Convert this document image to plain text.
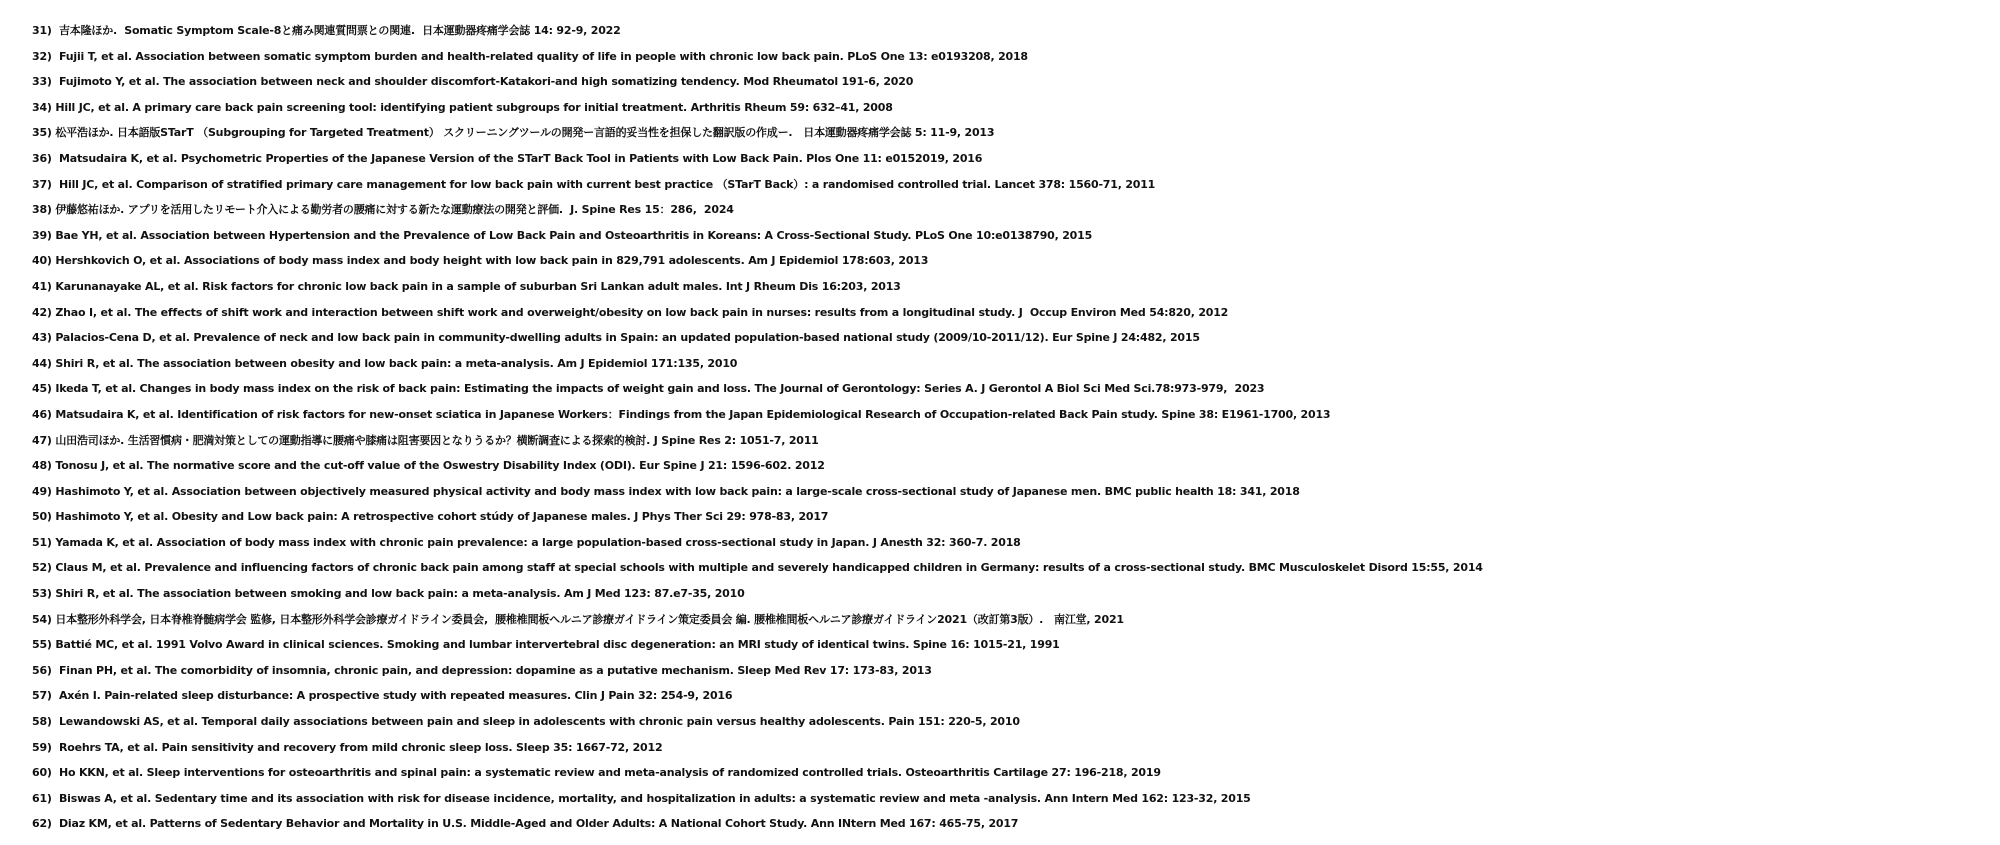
31)  吉本隆ほか.  Somatic Symptom Scale-8と痛み関連質問票との関連.  日本運動器疼痛学会誌 14: 92-9, 2022
32)  Fujii T, et al. Association between somatic symptom burden and health-related quality of life in people with chronic low back pain. PLoS One 13: e0193208, 2018
33)  Fujimoto Y, et al. The association between neck and shoulder discomfort-Katakori-and high somatizing tendency. Mod Rheumatol 191-6, 2020
34) Hill JC, et al. A primary care back pain screening tool: identifying patient subgroups for initial treatment. Arthritis Rheum 59: 632–41, 2008
35) 松平浩ほか. 日本語版STarT （Subgrouping for Targeted Treatment） スクリーニングツールの開発ー言語的妥当性を担保した翻訳版の作成ー.   日本運動器疼痛学会誌 5: 11-9, 2013
36)  Matsudaira K, et al. Psychometric Properties of the Japanese Version of the STarT Back Tool in Patients with Low Back Pain. Plos One 11: e0152019, 2016
37)  Hill JC, et al. Comparison of stratified primary care management for low back pain with current best practice （STarT Back）: a randomised controlled trial. Lancet 378: 1560-71, 2011
38) 伊藤悠祐ほか. アプリを活用したリモート介入による勤労者の腰痛に対する新たな運動療法の開発と評価.  J. Spine Res 15：286,  2024
39) Bae YH, et al. Association between Hypertension and the Prevalence of Low Back Pain and Osteoarthritis in Koreans: A Cross-Sectional Study. PLoS One 10:e0138790, 2015
40) Hershkovich O, et al. Associations of body mass index and body height with low back pain in 829,791 adolescents. Am J Epidemiol 178:603, 2013
41) Karunanayake AL, et al. Risk factors for chronic low back pain in a sample of suburban Sri Lankan adult males. Int J Rheum Dis 16:203, 2013
42) Zhao I, et al. The effects of shift work and interaction between shift work and overweight/obesity on low back pain in nurses: results from a longitudinal study. J  Occup Environ Med 54:820, 2012
43) Palacios-Cena D, et al. Prevalence of neck and low back pain in community-dwelling adults in Spain: an updated population-based national study (2009/10-2011/12). Eur Spine J 24:482, 2015
44) Shiri R, et al. The association between obesity and low back pain: a meta-analysis. Am J Epidemiol 171:135, 2010
45) Ikeda T, et al. Changes in body mass index on the risk of back pain: Estimating the impacts of weight gain and loss. The Journal of Gerontology: Series A. J Gerontol A Biol Sci Med Sci.78:973-979,  2023
46) Matsudaira K, et al. Identification of risk factors for new-onset sciatica in Japanese Workers：Findings from the Japan Epidemiological Research of Occupation-related Back Pain study. Spine 38: E1961-1700, 2013
47) 山田浩司ほか. 生活習慣病・肥満対策としての運動指導に腰痛や膝痛は阻害要因となりうるか？横断調査による探索的検討. J Spine Res 2: 1051-7, 2011
48) Tonosu J, et al. The normative score and the cut-off value of the Oswestry Disability Index (ODI). Eur Spine J 21: 1596-602. 2012
49) Hashimoto Y, et al. Association between objectively measured physical activity and body mass index with low back pain: a large-scale cross-sectional study of Japanese men. BMC public health 18: 341, 2018
50) Hashimoto Y, et al. Obesity and Low back pain: A retrospective cohort stúdy of Japanese males. J Phys Ther Sci 29: 978-83, 2017
51) Yamada K, et al. Association of body mass index with chronic pain prevalence: a large population-based cross-sectional study in Japan. J Anesth 32: 360-7. 2018
52) Claus M, et al. Prevalence and influencing factors of chronic back pain among staff at special schools with multiple and severely handicapped children in Germany: results of a cross-sectional study. BMC Musculoskelet Disord 15:55, 2014
53) Shiri R, et al. The association between smoking and low back pain: a meta-analysis. Am J Med 123: 87.e7-35, 2010
54) 日本整形外科学会, 日本脊椎脊髄病学会 監修, 日本整形外科学会診療ガイドライン委員会,  腰椎椎間板ヘルニア診療ガイドライン策定委員会 編. 腰椎椎間板ヘルニア診療ガイドライン2021（改訂第3版）.   南江堂, 2021
55) Battié MC, et al. 1991 Volvo Award in clinical sciences. Smoking and lumbar intervertebral disc degeneration: an MRI study of identical twins. Spine 16: 1015-21, 1991
56)  Finan PH, et al. The comorbidity of insomnia, chronic pain, and depression: dopamine as a putative mechanism. Sleep Med Rev 17: 173-83, 2013
57)  Axén I. Pain-related sleep disturbance: A prospective study with repeated measures. Clin J Pain 32: 254-9, 2016
58)  Lewandowski AS, et al. Temporal daily associations between pain and sleep in adolescents with chronic pain versus healthy adolescents. Pain 151: 220-5, 2010
59)  Roehrs TA, et al. Pain sensitivity and recovery from mild chronic sleep loss. Sleep 35: 1667-72, 2012
60)  Ho KKN, et al. Sleep interventions for osteoarthritis and spinal pain: a systematic review and meta-analysis of randomized controlled trials. Osteoarthritis Cartilage 27: 196-218, 2019
61)  Biswas A, et al. Sedentary time and its association with risk for disease incidence, mortality, and hospitalization in adults: a systematic review and meta -analysis. Ann Intern Med 162: 123-32, 2015
62)  Diaz KM, et al. Patterns of Sedentary Behavior and Mortality in U.S. Middle-Aged and Older Adults: A National Cohort Study. Ann INtern Med 167: 465-75, 2017
